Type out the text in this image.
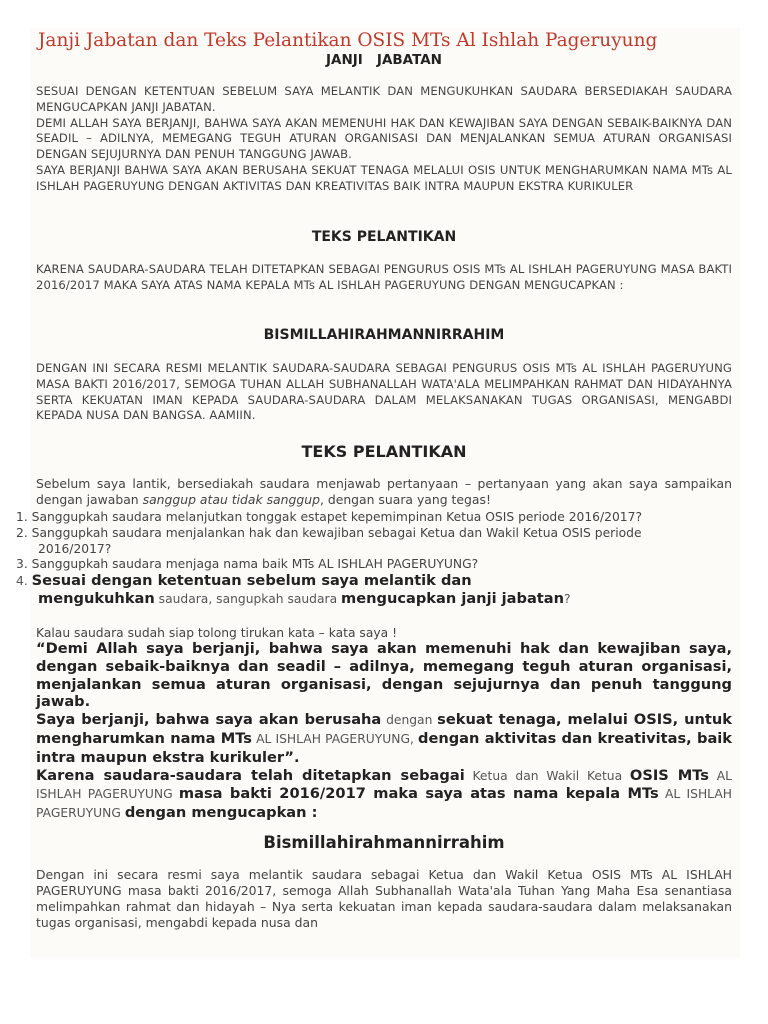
Janji Jabatan dan Teks Pelantikan OSIS MTs Al Ishlah Pageruyung
JANJI   JABATAN
SESUAI DENGAN KETENTUAN SEBELUM SAYA MELANTIK DAN MENGUKUHKAN SAUDARA BERSEDIAKAH SAUDARA MENGUCAPKAN JANJI JABATAN.
DEMI ALLAH SAYA BERJANJI, BAHWA SAYA AKAN MEMENUHI HAK DAN KEWAJIBAN SAYA DENGAN SEBAIK-BAIKNYA DAN SEADIL – ADILNYA, MEMEGANG TEGUH ATURAN ORGANISASI DAN MENJALANKAN SEMUA ATURAN ORGANISASI DENGAN SEJUJURNYA DAN PENUH TANGGUNG JAWAB.
SAYA BERJANJI BAHWA SAYA AKAN BERUSAHA SEKUAT TENAGA MELALUI OSIS UNTUK MENGHARUMKAN NAMA MTs AL ISHLAH PAGERUYUNG DENGAN AKTIVITAS DAN KREATIVITAS BAIK INTRA MAUPUN EKSTRA KURIKULER
TEKS PELANTIKAN
KARENA SAUDARA-SAUDARA TELAH DITETAPKAN SEBAGAI PENGURUS OSIS MTs AL ISHLAH PAGERUYUNG MASA BAKTI 2016/2017 MAKA SAYA ATAS NAMA KEPALA MTs AL ISHLAH PAGERUYUNG DENGAN MENGUCAPKAN :
BISMILLAHIRAHMANNIRRAHIM
DENGAN INI SECARA RESMI MELANTIK SAUDARA-SAUDARA SEBAGAI PENGURUS OSIS MTs AL ISHLAH PAGERUYUNG MASA BAKTI 2016/2017, SEMOGA TUHAN ALLAH SUBHANALLAH WATA'ALA MELIMPAHKAN RAHMAT DAN HIDAYAHNYA SERTA KEKUATAN IMAN KEPADA SAUDARA-SAUDARA DALAM MELAKSANAKAN TUGAS ORGANISASI, MENGABDI KEPADA NUSA DAN BANGSA. AAMIIN.
TEKS PELANTIKAN
Sebelum saya lantik, bersediakah saudara menjawab pertanyaan – pertanyaan yang akan saya sampaikan dengan jawaban sanggup atau tidak sanggup, dengan suara yang tegas!
1. Sanggupkah saudara melanjutkan tonggak estapet kepemimpinan Ketua OSIS periode 2016/2017?
2. Sanggupkah saudara menjalankan hak dan kewajiban sebagai Ketua dan Wakil Ketua OSIS periode
2016/2017?
3. Sanggupkah saudara menjaga nama baik MTs AL ISHLAH PAGERUYUNG?
4. Sesuai dengan ketentuan sebelum saya melantik dan
mengukuhkan saudara, sangupkah saudara mengucapkan janji jabatan?
Kalau saudara sudah siap tolong tirukan kata – kata saya !
“Demi Allah saya berjanji, bahwa saya akan memenuhi hak dan kewajiban saya, dengan sebaik-baiknya dan seadil – adilnya, memegang teguh aturan organisasi, menjalankan semua aturan organisasi, dengan sejujurnya dan penuh tanggung jawab.
Saya berjanji, bahwa saya akan berusaha dengan sekuat tenaga, melalui OSIS, untuk mengharumkan nama MTs AL ISHLAH PAGERUYUNG, dengan aktivitas dan kreativitas, baik intra maupun ekstra kurikuler”.
Karena saudara-saudara telah ditetapkan sebagai Ketua dan Wakil Ketua OSIS MTs AL ISHLAH PAGERUYUNG masa bakti 2016/2017 maka saya atas nama kepala MTs AL ISHLAH PAGERUYUNG dengan mengucapkan :
Bismillahirahmannirrahim
Dengan ini secara resmi saya melantik saudara sebagai Ketua dan Wakil Ketua OSIS MTs AL ISHLAH PAGERUYUNG masa bakti 2016/2017, semoga Allah Subhanallah Wata'ala Tuhan Yang Maha Esa senantiasa melimpahkan rahmat dan hidayah – Nya serta kekuatan iman kepada saudara-saudara dalam melaksanakan tugas organisasi, mengabdi kepada nusa dan
